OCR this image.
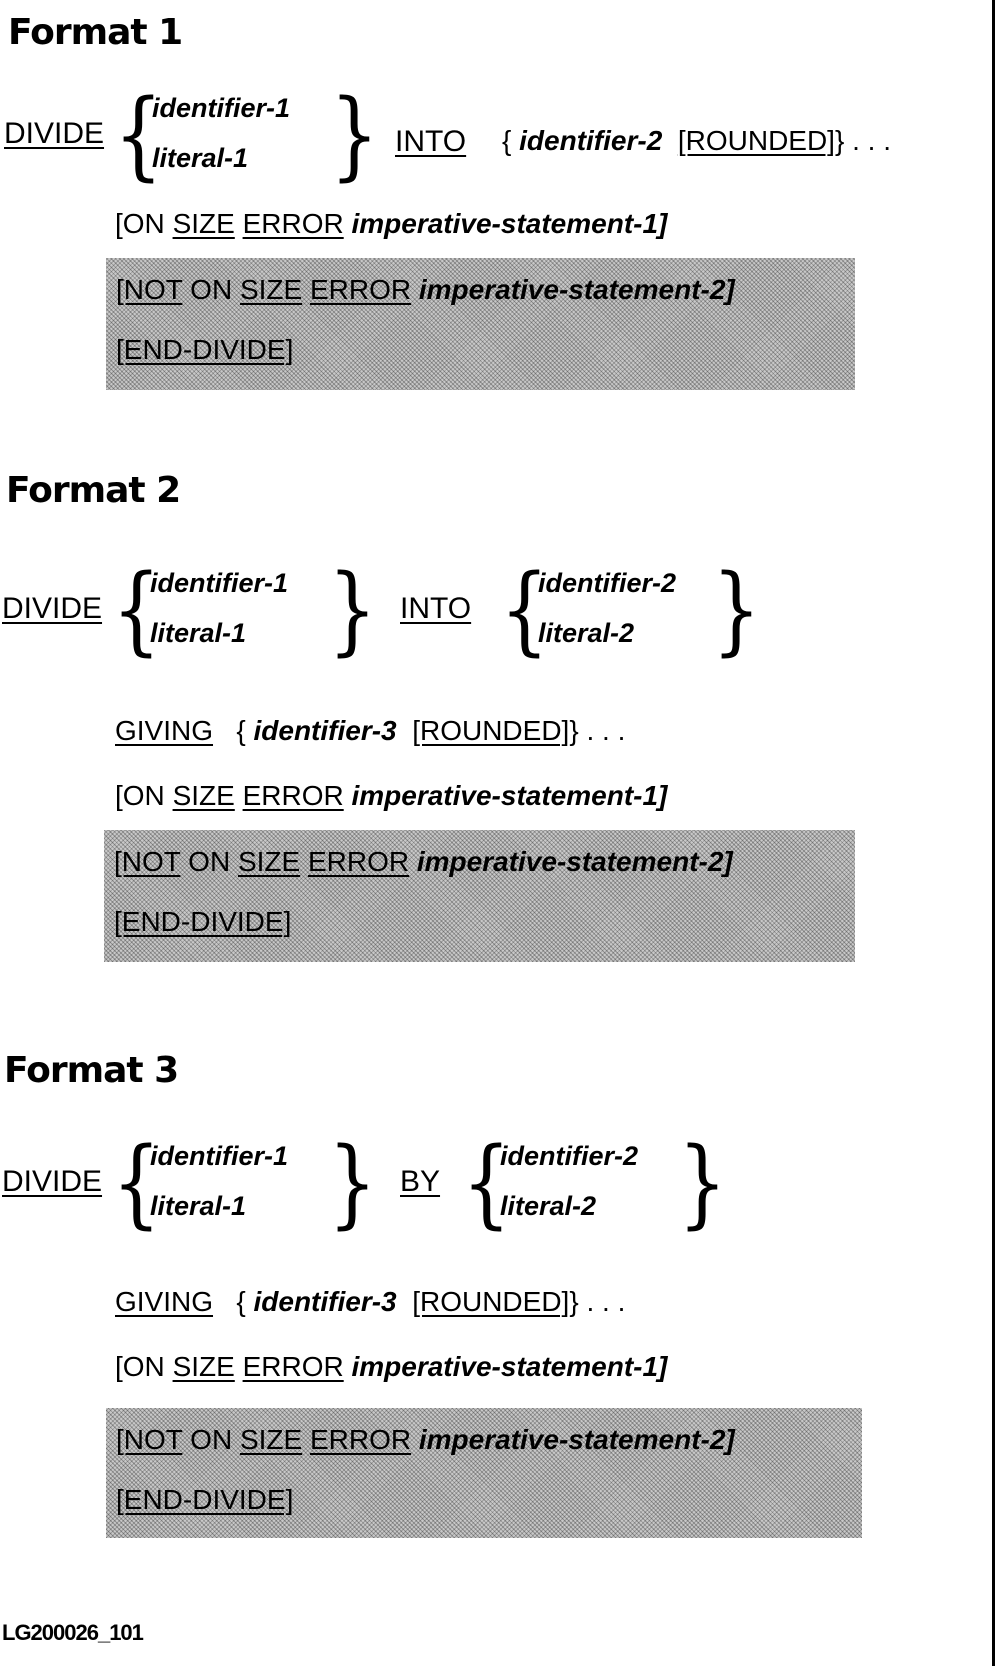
Format 1
DIVIDE {
identifier-1
literal-1 } INTO { identifier-2 [ROUNDED]} . . .
[ON SIZE ERROR imperative-statement-1]
[NOT ON SIZE ERROR imperative-statement-2]
[END-DIVIDE]
Format 2
DIVIDE {
identifier-1
literal-1 } INTO {
identifier-2
literal-2 }
GIVING { identifier-3 [ROUNDED]} . . .
[ON SIZE ERROR imperative-statement-1]
[NOT ON SIZE ERROR imperative-statement-2]
[END-DIVIDE]
Format 3
DIVIDE {
identifier-1
literal-1 } BY {
identifier-2
literal-2 }
GIVING { identifier-3 [ROUNDED]} . . .
[ON SIZE ERROR imperative-statement-1]
[NOT ON SIZE ERROR imperative-statement-2]
[END-DIVIDE]
LG200026_101
